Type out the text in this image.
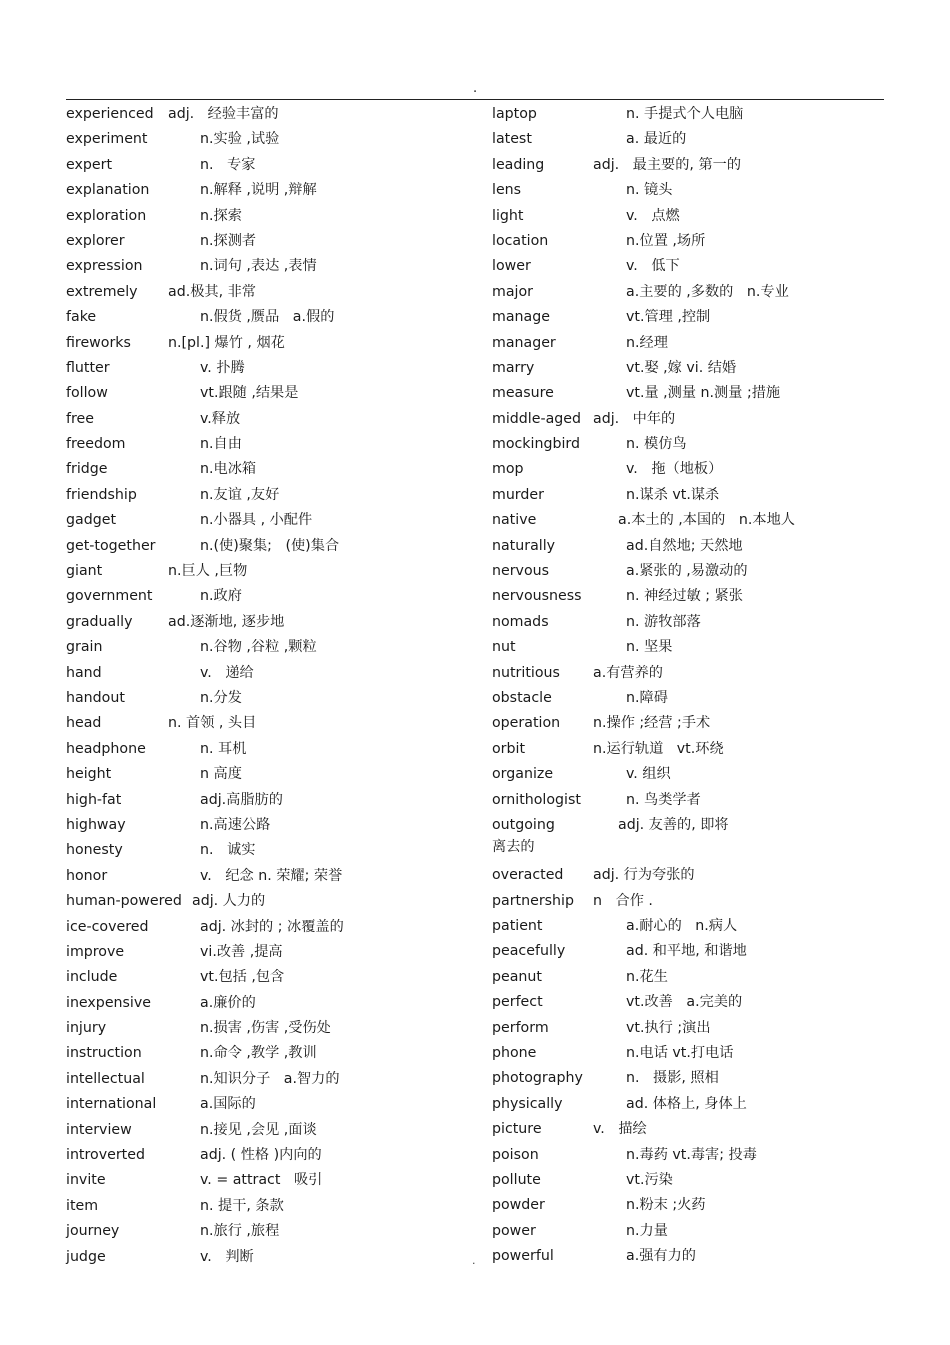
.
experienced adj.   经验丰富的
experiment	n.实验 ,试验
expert	n.   专家
explanation	n.解释 ,说明 ,辩解
exploration	n.探索
explorer	n.探测者
expression	n.词句 ,表达 ,表情
extremely ad.极其, 非常
fake	n.假货 ,赝品   a.假的
fireworks	n.[pl.] 爆竹 , 烟花
flutter	v. 扑腾
follow	vt.跟随 ,结果是
free	v.释放
freedom	n.自由
fridge	n.电冰箱
friendship	n.友谊 ,友好
gadget	n.小器具 , 小配件
get-together	n.(使)聚集;   (使)集合
giant	n.巨人 ,巨物
government	n.政府
gradually ad.逐渐地, 逐步地
grain	n.谷物 ,谷粒 ,颗粒
hand	v.   递给
handout	n.分发
head	n. 首领 , 头目
headphone	n. 耳机
height	n 高度
high-fat	adj.高脂肪的
highway	n.高速公路
honesty	n.   诚实
honor	v.   纪念 n. 荣耀; 荣誉
human-powered adj. 人力的
ice-covered	adj. 冰封的 ; 冰覆盖的
improve	vi.改善 ,提高
include	vt.包括 ,包含
inexpensive	a.廉价的
injury	n.损害 ,伤害 ,受伤处
instruction	n.命令 ,教学 ,教训
intellectual	n.知识分子   a.智力的
international	a.国际的
interview	n.接见 ,会见 ,面谈
introverted	adj. ( 性格 )内向的
invite	v. = attract   吸引
item	n. 提干, 条款
journey	n.旅行 ,旅程
judge	v.   判断
laptop	n. 手提式个人电脑
latest	a. 最近的
leading	adj.   最主要的, 第一的
lens	n. 镜头
light	v.   点燃
location	n.位置 ,场所
lower	v.   低下
major	a.主要的 ,多数的   n.专业
manage	vt.管理 ,控制
manager	n.经理
marry	vt.娶 ,嫁 vi. 结婚
measure	vt.量 ,测量 n.测量 ;措施
middle-aged adj.   中年的
mockingbird	n. 模仿鸟
mop	v.   拖（地板）
murder	n.谋杀 vt.谋杀
native	a.本土的 ,本国的   n.本地人
naturally	ad.自然地; 天然地
nervous	a.紧张的 ,易激动的
nervousness	n. 神经过敏 ; 紧张
nomads	n. 游牧部落
nut	n. 坚果
nutritious a.有营养的
obstacle	n.障碍
operation n.操作 ;经营 ;手术
orbit	n.运行轨道   vt.环绕
organize	v. 组织
ornithologist	n. 鸟类学者
outgoing	adj. 友善的, 即将
离去的
overacted adj. 行为夸张的
partnership n   合作 .
patient	a.耐心的   n.病人
peacefully	ad. 和平地, 和谐地
peanut	n.花生
perfect	vt.改善   a.完美的
perform	vt.执行 ;演出
phone	n.电话 vt.打电话
photography	n.   摄影, 照相
physically	ad. 体格上, 身体上
picture	v.   描绘
poison	n.毒药 vt.毒害; 投毒
pollute	vt.污染
powder	n.粉末 ;火药
power	n.力量
powerful	a.强有力的
.
